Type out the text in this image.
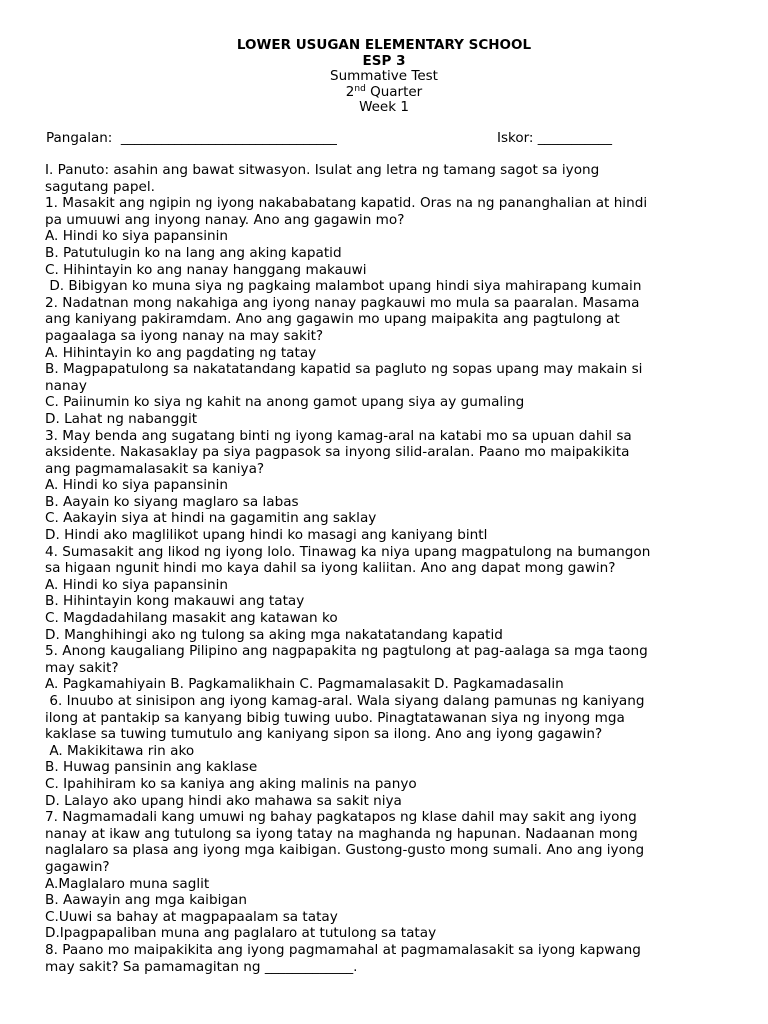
LOWER USUGAN ELEMENTARY SCHOOL
ESP 3
Summative Test
2nd Quarter
Week 1
Pangalan:  ________________________________	Iskor: ___________

I. Panuto: asahin ang bawat sitwasyon. Isulat ang letra ng tamang sagot sa iyong

sagutang papel.

1. Masakit ang ngipin ng iyong nakababatang kapatid. Oras na ng pananghalian at hindi

pa umuuwi ang inyong nanay. Ano ang gagawin mo?

A. Hindi ko siya papansinin

B. Patutulugin ko na lang ang aking kapatid

C. Hihintayin ko ang nanay hanggang makauwi

D. Bibigyan ko muna siya ng pagkaing malambot upang hindi siya mahirapang kumain

2. Nadatnan mong nakahiga ang iyong nanay pagkauwi mo mula sa paaralan. Masama

ang kaniyang pakiramdam. Ano ang gagawin mo upang maipakita ang pagtulong at

pagaalaga sa iyong nanay na may sakit?

A. Hihintayin ko ang pagdating ng tatay

B. Magpapatulong sa nakatatandang kapatid sa pagluto ng sopas upang may makain si

nanay

C. Paiinumin ko siya ng kahit na anong gamot upang siya ay gumaling

D. Lahat ng nabanggit

3. May benda ang sugatang binti ng iyong kamag-aral na katabi mo sa upuan dahil sa

aksidente. Nakasaklay pa siya pagpasok sa inyong silid-aralan. Paano mo maipakikita

ang pagmamalasakit sa kaniya?

A. Hindi ko siya papansinin

B. Aayain ko siyang maglaro sa labas

C. Aakayin siya at hindi na gagamitin ang saklay

D. Hindi ako maglilikot upang hindi ko masagi ang kaniyang bintl

4. Sumasakit ang likod ng iyong lolo. Tinawag ka niya upang magpatulong na bumangon

sa higaan ngunit hindi mo kaya dahil sa iyong kaliitan. Ano ang dapat mong gawin?

A. Hindi ko siya papansinin

B. Hihintayin kong makauwi ang tatay

C. Magdadahilang masakit ang katawan ko

D. Manghihingi ako ng tulong sa aking mga nakatatandang kapatid

5. Anong kaugaliang Pilipino ang nagpapakita ng pagtulong at pag-aalaga sa mga taong

may sakit?

A. Pagkamahiyain B. Pagkamalikhain C. Pagmamalasakit D. Pagkamadasalin

6. Inuubo at sinisipon ang iyong kamag-aral. Wala siyang dalang pamunas ng kaniyang

ilong at pantakip sa kanyang bibig tuwing uubo. Pinagtatawanan siya ng inyong mga

kaklase sa tuwing tumutulo ang kaniyang sipon sa ilong. Ano ang iyong gagawin?

A. Makikitawa rin ako

B. Huwag pansinin ang kaklase

C. Ipahihiram ko sa kaniya ang aking malinis na panyo

D. Lalayo ako upang hindi ako mahawa sa sakit niya

7. Nagmamadali kang umuwi ng bahay pagkatapos ng klase dahil may sakit ang iyong

nanay at ikaw ang tutulong sa iyong tatay na maghanda ng hapunan. Nadaanan mong

naglalaro sa plasa ang iyong mga kaibigan. Gustong-gusto mong sumali. Ano ang iyong

gagawin?

A.Maglalaro muna saglit

B. Aawayin ang mga kaibigan

C.Uuwi sa bahay at magpapaalam sa tatay

D.Ipagpapaliban muna ang paglalaro at tutulong sa tatay

8. Paano mo maipakikita ang iyong pagmamahal at pagmamalasakit sa iyong kapwang

may sakit? Sa pamamagitan ng _____________.
